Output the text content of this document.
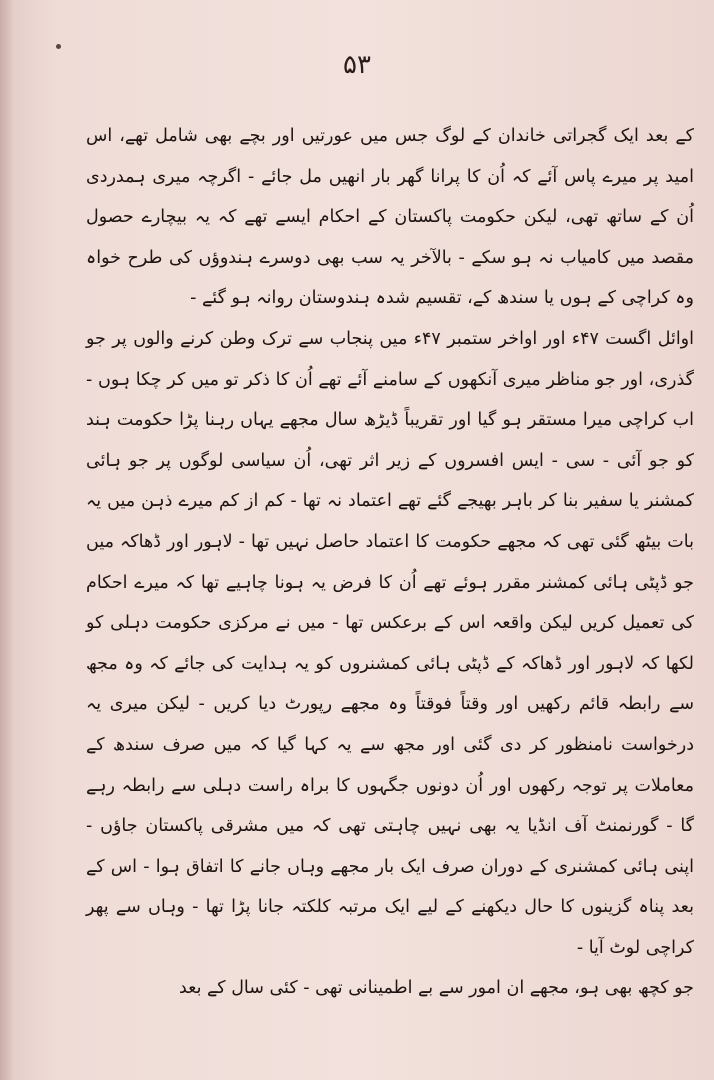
۵۳

کے بعد ایک گجراتی خاندان کے لوگ جس میں عورتیں اور بچے بھی شامل تھے، اس امید پر میرے پاس آئے کہ اُن کا پرانا گھر بار انھیں مل جائے - اگرچہ میری ہمدردی اُن کے ساتھ تھی، لیکن حکومت پاکستان کے احکام ایسے تھے کہ یہ بیچارے حصول مقصد میں کامیاب نہ ہو سکے - بالآخر یہ سب بھی دوسرے ہندوؤں کی طرح خواہ وہ کراچی کے ہوں یا سندھ کے، تقسیم شدہ ہندوستان روانہ ہو گئے -

اوائل اگست ۴۷ء اور اواخر ستمبر ۴۷ء میں پنجاب سے ترک وطن کرنے والوں پر جو گذری، اور جو مناظر میری آنکھوں کے سامنے آئے تھے اُن کا ذکر تو میں کر چکا ہوں - اب کراچی میرا مستقر ہو گیا اور تقریباً ڈیڑھ سال مجھے یہاں رہنا پڑا حکومت ہند کو جو آئی - سی - ایس افسروں کے زیر اثر تھی، اُن سیاسی لوگوں پر جو ہائی کمشنر یا سفیر بنا کر باہر بھیجے گئے تھے اعتماد نہ تھا - کم از کم میرے ذہن میں یہ بات بیٹھ گئی تھی کہ مجھے حکومت کا اعتماد حاصل نہیں تھا - لاہور اور ڈھاکہ میں جو ڈپٹی ہائی کمشنر مقرر ہوئے تھے اُن کا فرض یہ ہونا چاہیے تھا کہ میرے احکام کی تعمیل کریں لیکن واقعہ اس کے برعکس تھا - میں نے مرکزی حکومت دہلی کو لکھا کہ لاہور اور ڈھاکہ کے ڈپٹی ہائی کمشنروں کو یہ ہدایت کی جائے کہ وہ مجھ سے رابطہ قائم رکھیں اور وقتاً فوقتاً وہ مجھے رپورٹ دیا کریں - لیکن میری یہ درخواست نامنظور کر دی گئی اور مجھ سے یہ کہا گیا کہ میں صرف سندھ کے معاملات پر توجہ رکھوں اور اُن دونوں جگہوں کا براہ راست دہلی سے رابطہ رہے گا - گورنمنٹ آف انڈیا یہ بھی نہیں چاہتی تھی کہ میں مشرقی پاکستان جاؤں - اپنی ہائی کمشنری کے دوران صرف ایک بار مجھے وہاں جانے کا اتفاق ہوا - اس کے بعد پناہ گزینوں کا حال دیکھنے کے لیے ایک مرتبہ کلکتہ جانا پڑا تھا - وہاں سے پھر کراچی لوٹ آیا -

جو کچھ بھی ہو، مجھے ان امور سے بے اطمینانی تھی - کئی سال کے بعد
